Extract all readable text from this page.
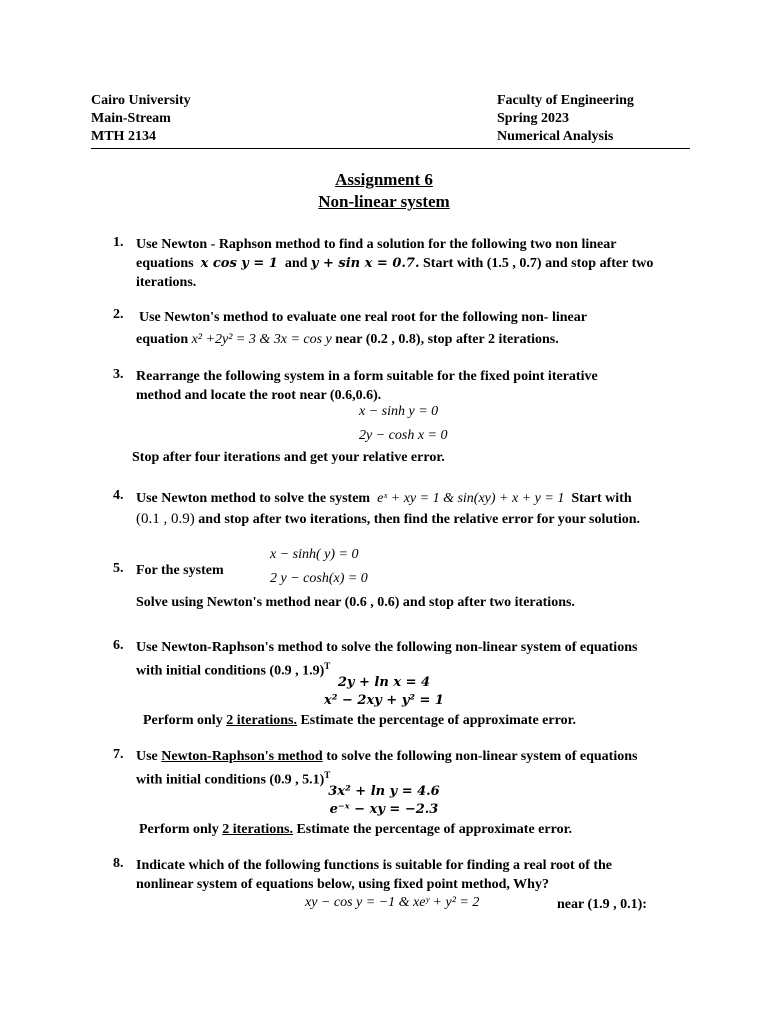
Cairo University
Main-Stream
MTH 2134
Faculty of Engineering
Spring 2023
Numerical Analysis
Assignment 6
Non-linear system
1. Use Newton - Raphson method to find a solution for the following two non linear
equations x cos y = 1 and y + sin x = 0.7. Start with (1.5 , 0.7) and stop after two
iterations.
2. Use Newton's method to evaluate one real root for the following non- linear
equation x² +2y² = 3 & 3x = cos y near (0.2 , 0.8), stop after 2 iterations.
3. Rearrange the following system in a form suitable for the fixed point iterative
method and locate the root near (0.6,0.6).
x − sinh y = 0
2y − cosh x = 0
Stop after four iterations and get your relative error.
4. Use Newton method to solve the system eˣ + xy = 1 & sin(xy) + x + y = 1 Start with
(0.1 , 0.9) and stop after two iterations, then find the relative error for your solution.
x − sinh( y) = 0
5. For the system
2 y − cosh(x) = 0
Solve using Newton's method near (0.6 , 0.6) and stop after two iterations.
6. Use Newton-Raphson's method to solve the following non-linear system of equations
with initial conditions (0.9 , 1.9)$^T$
2y + ln x = 4
x² − 2xy + y² = 1
Perform only 2 iterations. Estimate the percentage of approximate error.
7. Use Newton-Raphson's method to solve the following non-linear system of equations
with initial conditions (0.9 , 5.1)$^T$
3x² + ln y = 4.6
e⁻ˣ − xy = −2.3
Perform only 2 iterations. Estimate the percentage of approximate error.
8. Indicate which of the following functions is suitable for finding a real root of the
nonlinear system of equations below, using fixed point method, Why?
xy − cos y = −1 & xeʸ + y² = 2	near (1.9 , 0.1):
